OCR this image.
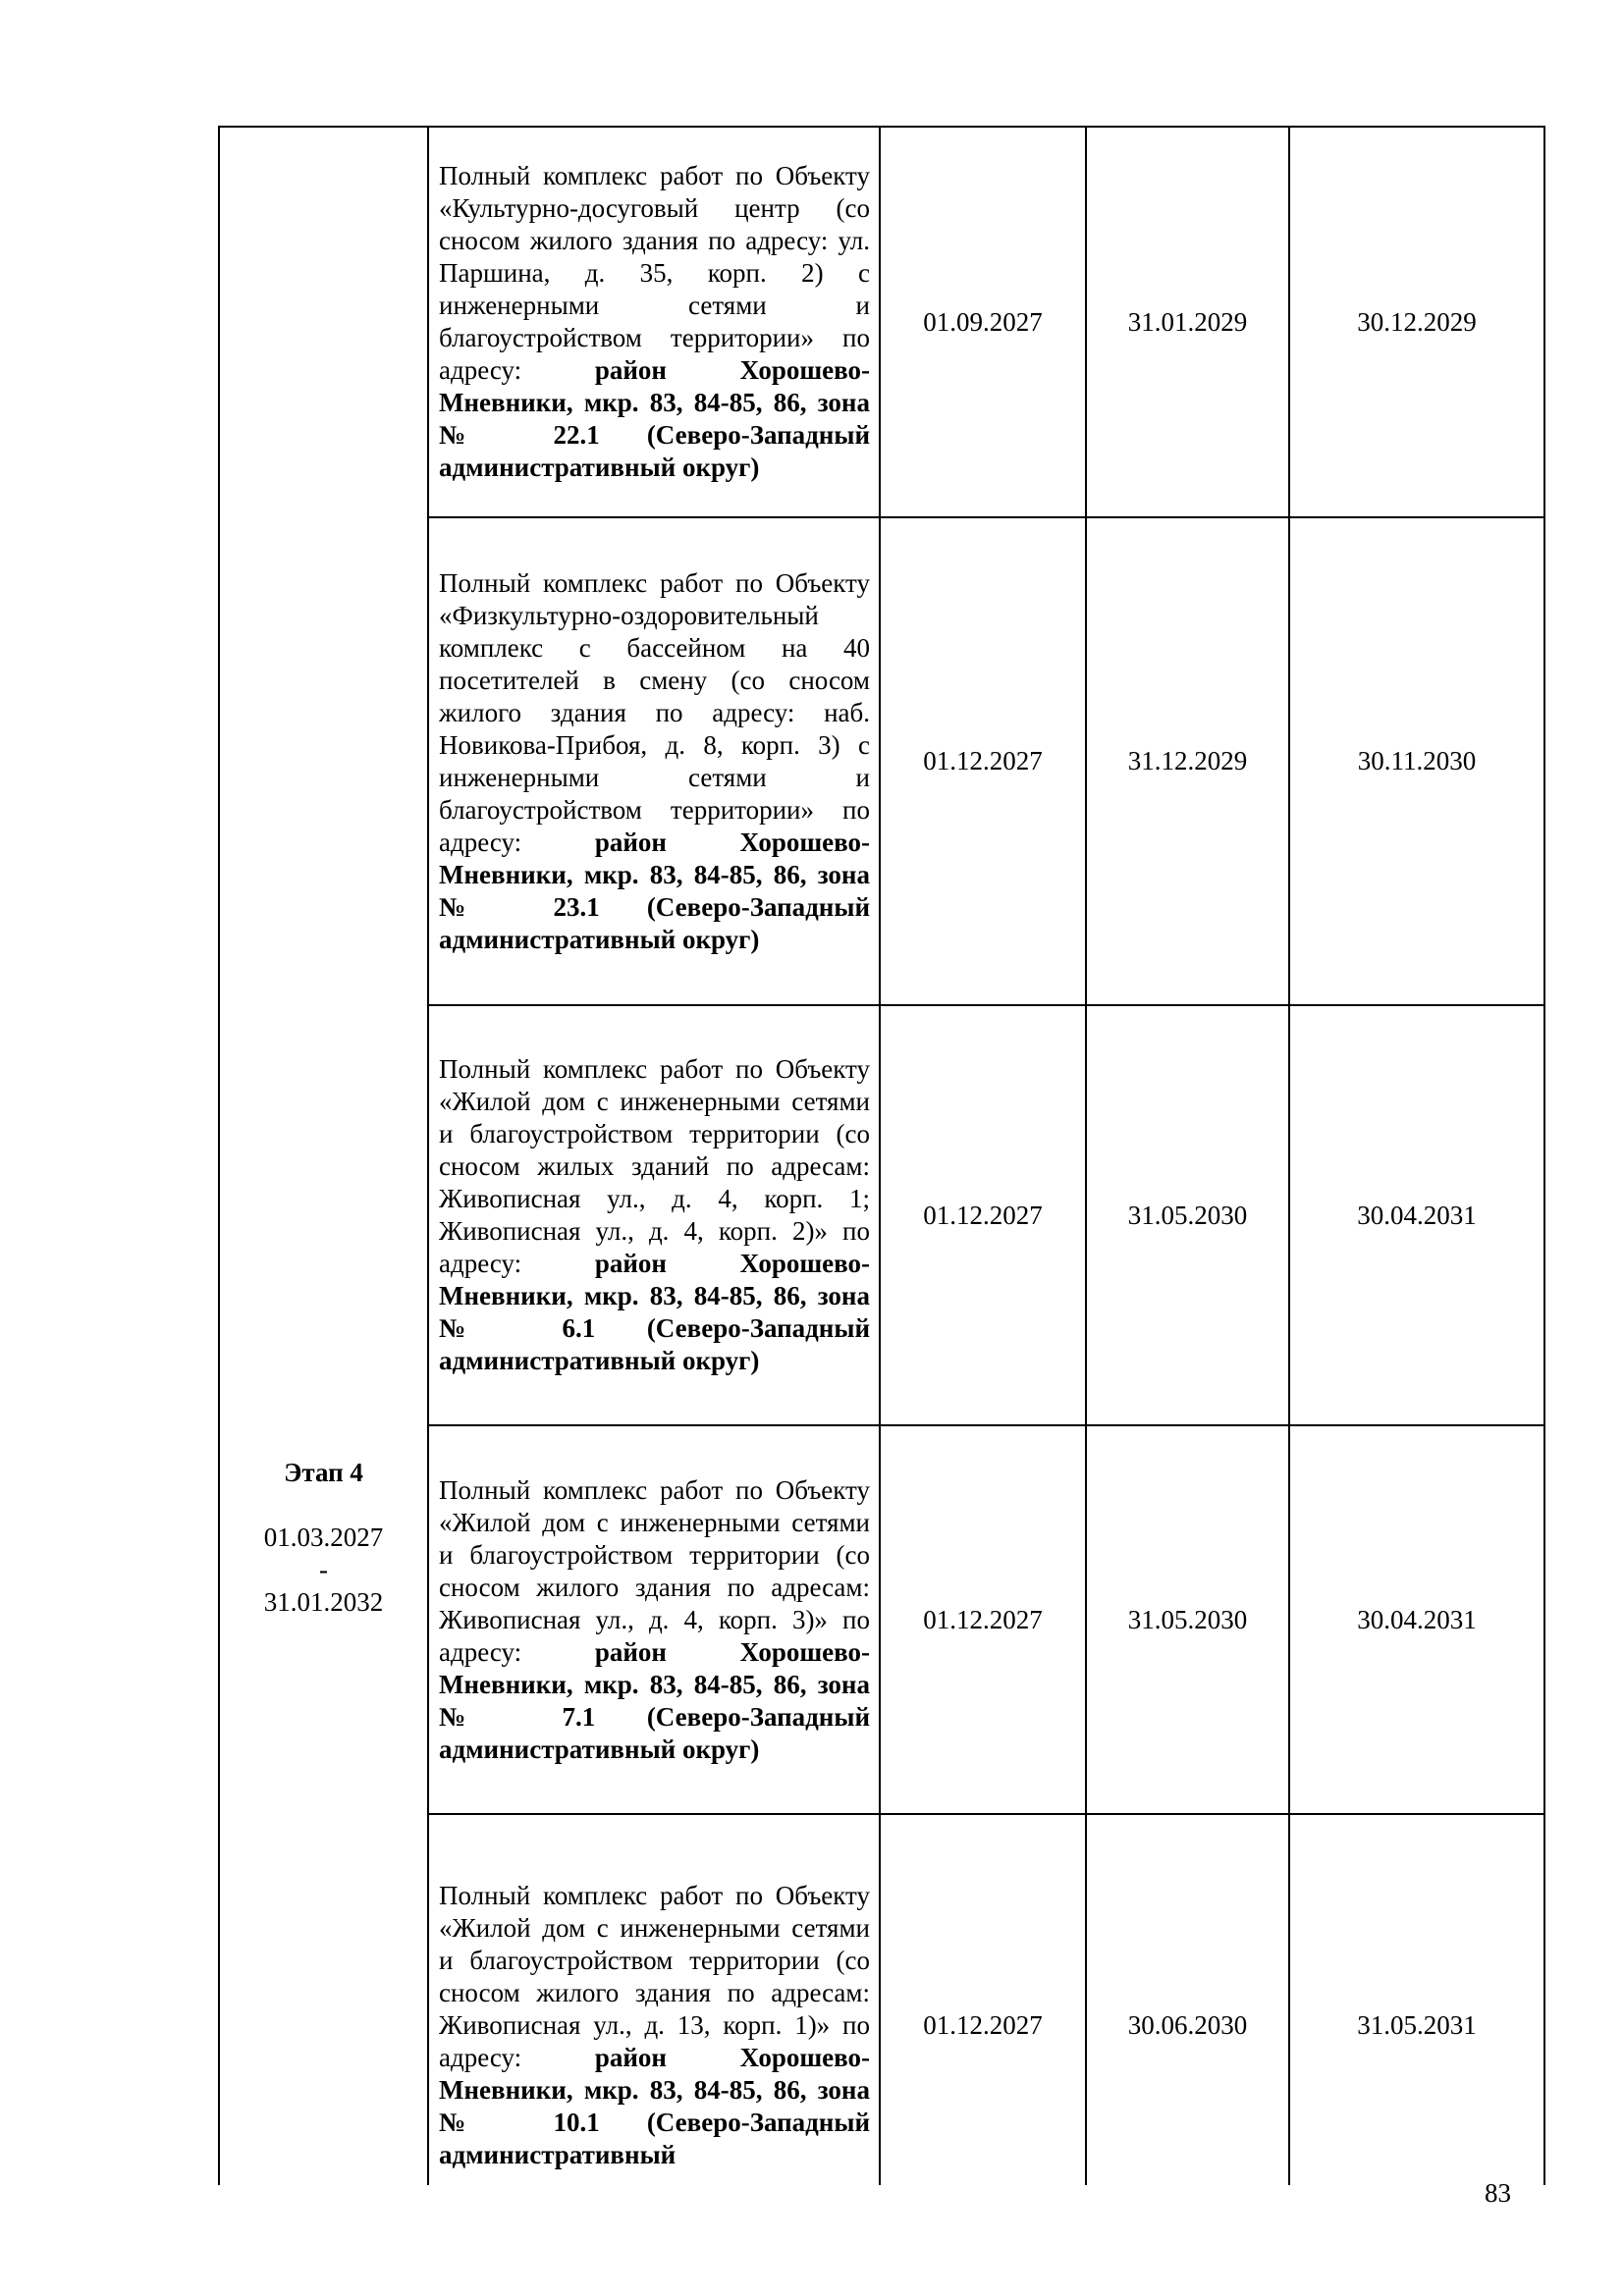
Этап 4
01.03.2027
-
31.01.2032
	Полный комплекс работ по Объекту «Культурно-досуговый центр (со сносом жилого здания по адресу: ул. Паршина, д. 35, корп. 2) с инженерными сетями и благоустройством территории» по адресу: район Хорошево-Мневники, мкр. 83, 84-85, 86, зона № 22.1 (Северо-Западный административный округ)	01.09.2027	31.01.2029	30.12.2029
	Полный комплекс работ по Объекту «Физкультурно-оздоровительный комплекс с бассейном на 40 посетителей в смену (со сносом жилого здания по адресу: наб. Новикова-Прибоя, д. 8, корп. 3) с инженерными сетями и благоустройством территории» по адресу: район Хорошево-Мневники, мкр. 83, 84-85, 86, зона № 23.1 (Северо-Западный административный округ)	01.12.2027	31.12.2029	30.11.2030
	Полный комплекс работ по Объекту «Жилой дом с инженерными сетями и благоустройством территории (со сносом жилых зданий по адресам: Живописная ул., д. 4, корп. 1; Живописная ул., д. 4, корп. 2)» по адресу: район Хорошево-Мневники, мкр. 83, 84-85, 86, зона № 6.1 (Северо-Западный административный округ)	01.12.2027	31.05.2030	30.04.2031
	Полный комплекс работ по Объекту «Жилой дом с инженерными сетями и благоустройством территории (со сносом жилого здания по адресам: Живописная ул., д. 4, корп. 3)» по адресу: район Хорошево-Мневники, мкр. 83, 84-85, 86, зона № 7.1 (Северо-Западный административный округ)	01.12.2027	31.05.2030	30.04.2031
	Полный комплекс работ по Объекту «Жилой дом с инженерными сетями и благоустройством территории (со сносом жилого здания по адресам: Живописная ул., д. 13, корп. 1)» по адресу: район Хорошево-Мневники, мкр. 83, 84-85, 86, зона № 10.1 (Северо-Западный административный	01.12.2027	30.06.2030	31.05.2031
83
